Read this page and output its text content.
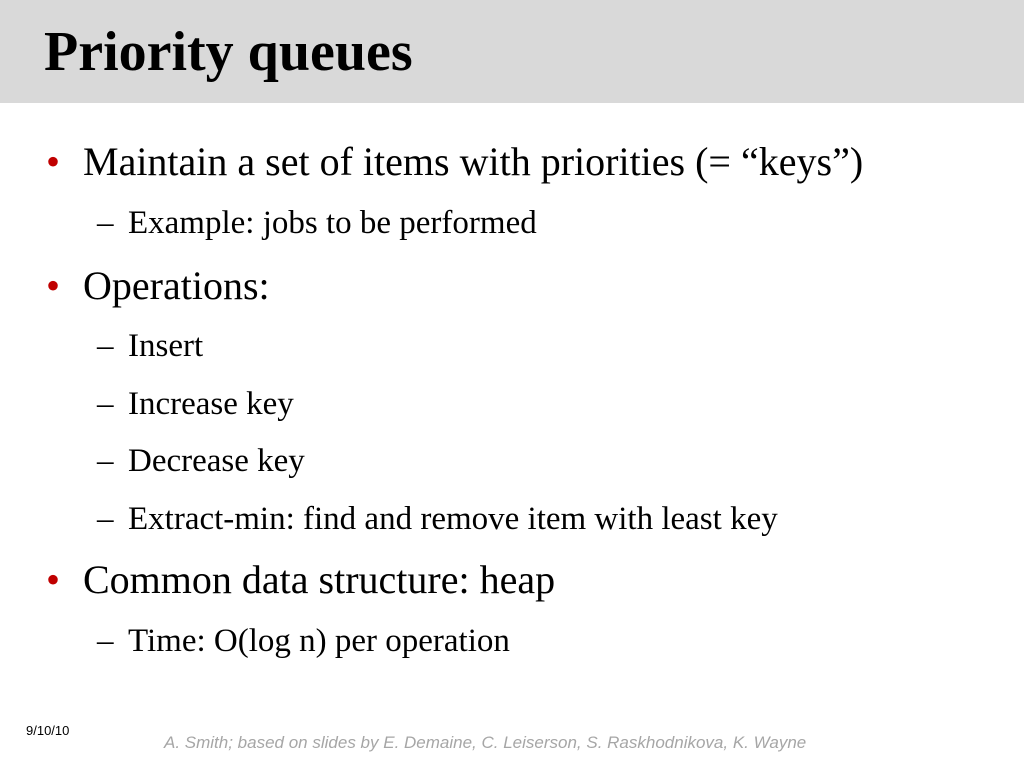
Priority queues
• Maintain a set of items with priorities (= “keys”)
– Example: jobs to be performed
• Operations:
– Insert
– Increase key
– Decrease key
– Extract-min: find and remove item with least key
• Common data structure: heap
– Time: O(log n) per operation
9/10/10
A. Smith; based on slides by E. Demaine, C. Leiserson, S. Raskhodnikova, K. Wayne
